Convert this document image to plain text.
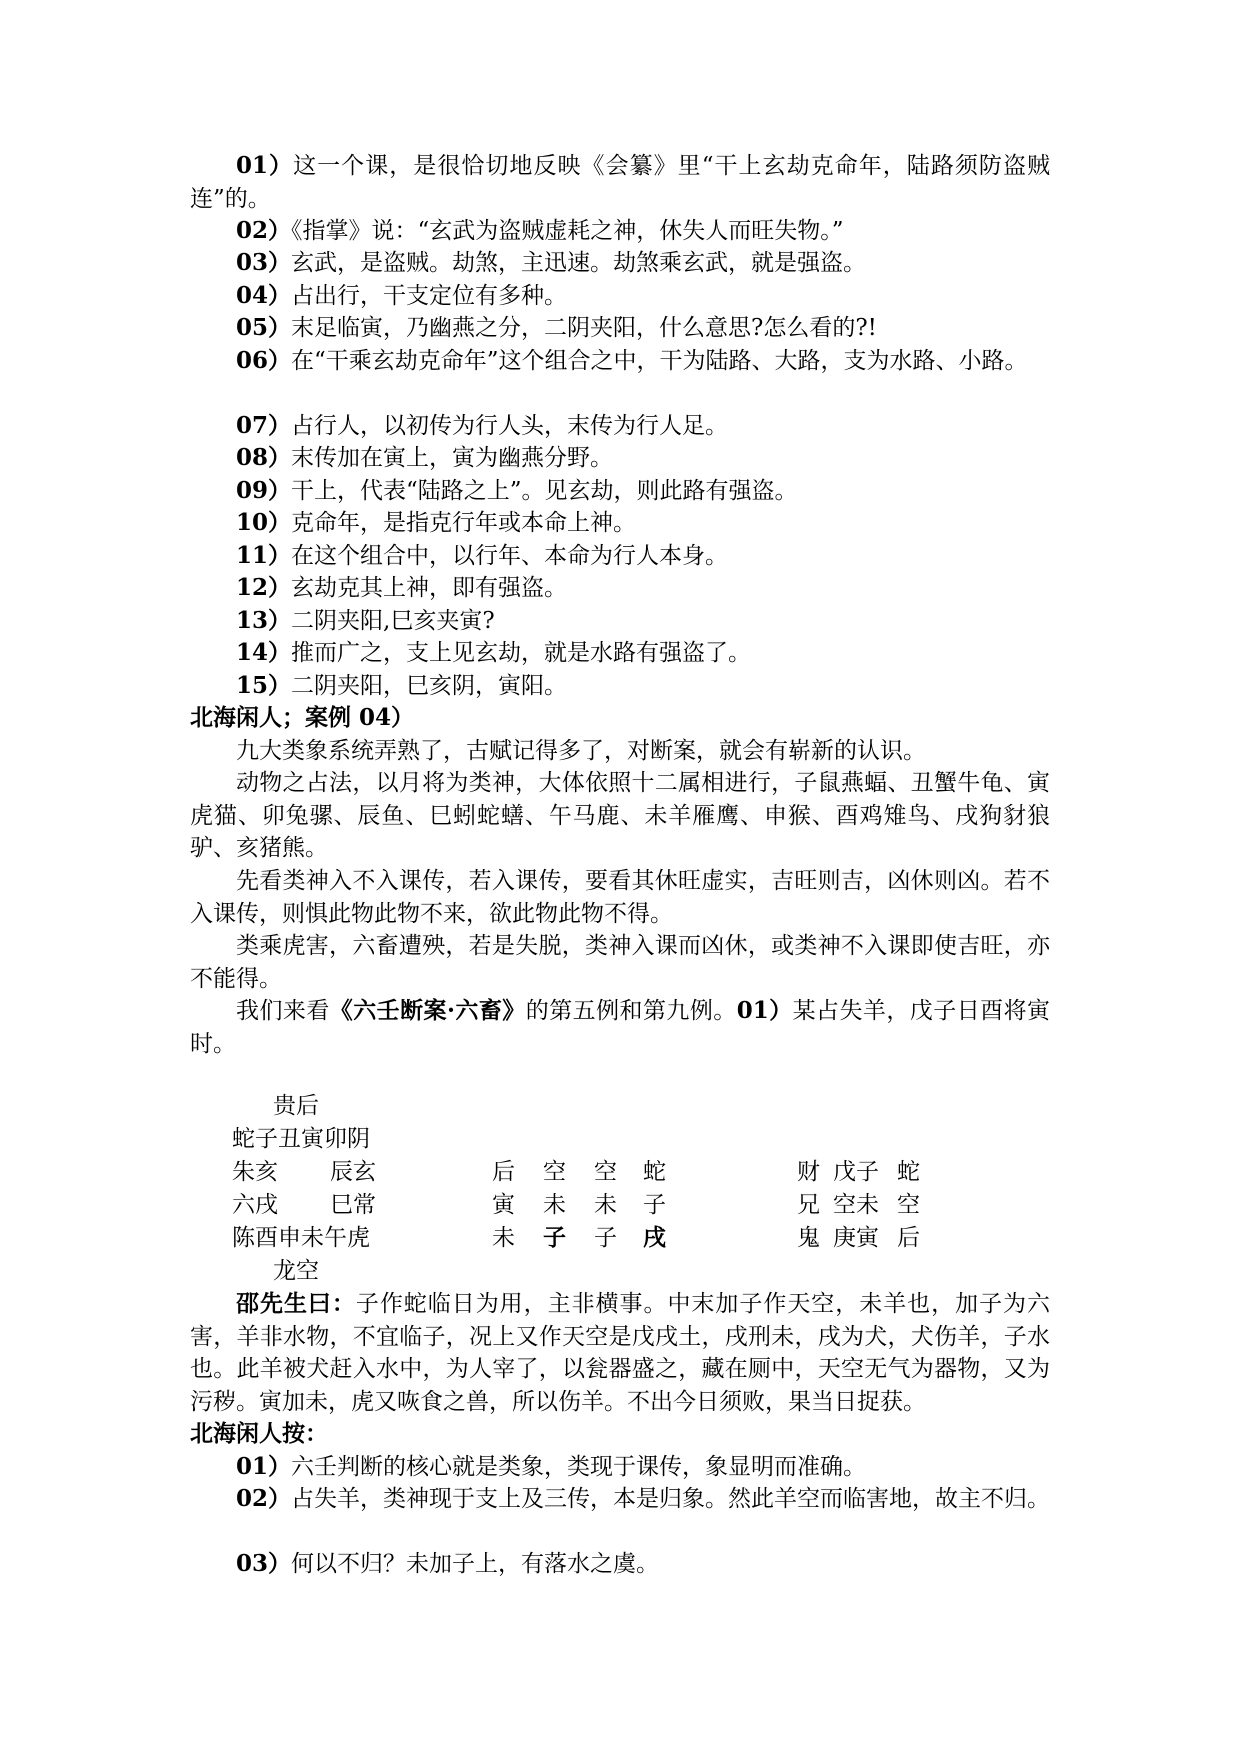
01）这一个课，是很恰切地反映《会纂》里“干上玄劫克命年，陆路须防盗贼连”的。

02）《指掌》说：“玄武为盗贼虚耗之神，休失人而旺失物。”

03）玄武，是盗贼。劫煞，主迅速。劫煞乘玄武，就是强盗。

04）占出行，干支定位有多种。

05）末足临寅，乃幽燕之分，二阴夹阳，什么意思?怎么看的?!

06）在“干乘玄劫克命年”这个组合之中，干为陆路、大路，支为水路、小路。

07）占行人，以初传为行人头，末传为行人足。

08）末传加在寅上，寅为幽燕分野。

09）干上，代表“陆路之上”。见玄劫，则此路有强盗。

10）克命年，是指克行年或本命上神。

11）在这个组合中，以行年、本命为行人本身。

12）玄劫克其上神，即有强盗。

13）二阴夹阳,巳亥夹寅?

14）推而广之，支上见玄劫，就是水路有强盗了。

15）二阴夹阳，巳亥阴，寅阳。

北海闲人；案例 04）

九大类象系统弄熟了，古赋记得多了，对断案，就会有崭新的认识。

动物之占法，以月将为类神，大体依照十二属相进行，子鼠燕蝠、丑蟹牛龟、寅虎猫、卯兔骡、辰鱼、巳蚓蛇蟮、午马鹿、未羊雁鹰、申猴、酉鸡雉鸟、戌狗豺狼驴、亥猪熊。

先看类神入不入课传，若入课传，要看其休旺虚实，吉旺则吉，凶休则凶。若不入课传，则惧此物此物不来，欲此物此物不得。

类乘虎害，六畜遭殃，若是失脱，类神入课而凶休，或类神不入课即使吉旺，亦不能得。

我们来看《六壬断案·六畜》的第五例和第九例。01）某占失羊，戊子日酉将寅时。

贵后
蛇子丑寅卯阴
朱亥 辰玄
六戌 巳常
陈酉申未午虎
龙空
后 空 空 蛇
寅 未 未 子
未 子 子 戌
财 戊子 蛇
兄 空未 空
鬼 庚寅 后

邵先生曰：子作蛇临日为用，主非横事。中末加子作天空，未羊也，加子为六害，羊非水物，不宜临子，况上又作天空是戊戌土，戌刑未，戌为犬，犬伤羊，子水也。此羊被犬赶入水中，为人宰了，以瓮器盛之，藏在厕中，天空无气为器物，又为污秽。寅加未，虎又咴食之兽，所以伤羊。不出今日须败，果当日捉获。

北海闲人按：

01）六壬判断的核心就是类象，类现于课传，象显明而准确。

02）占失羊，类神现于支上及三传，本是归象。然此羊空而临害地，故主不归。

03）何以不归？未加子上，有落水之虞。
